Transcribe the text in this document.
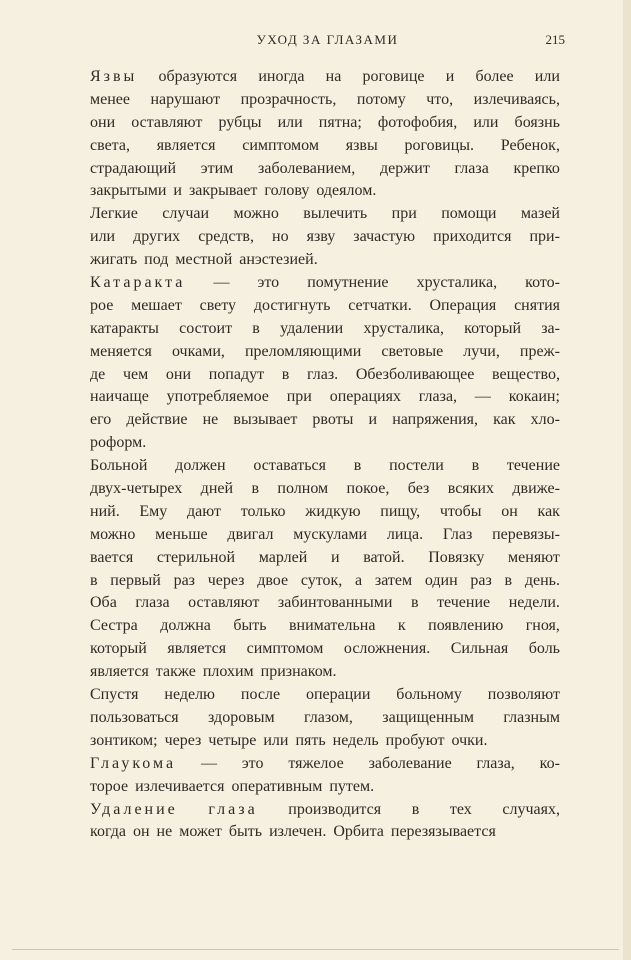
УХОД ЗА ГЛАЗАМИ	215
Язвы образуются иногда на роговице и более или
менее нарушают прозрачность, потому что, излечиваясь,
они оставляют рубцы или пятна; фотофобия, или боязнь
света, является симптомом язвы роговицы. Ребенок,
страдающий этим заболеванием, держит глаза крепко
закрытыми и закрывает голову одеялом.
Легкие случаи можно вылечить при помощи мазей
или других средств, но язву зачастую приходится при-
жигать под местной анэстезией.
Катаракта — это помутнение хрусталика, кото-
рое мешает свету достигнуть сетчатки. Операция снятия
катаракты состоит в удалении хрусталика, который за-
меняется очками, преломляющими световые лучи, преж-
де чем они попадут в глаз. Обезболивающее вещество,
наичаще употребляемое при операциях глаза, — кокаин;
его действие не вызывает рвоты и напряжения, как хло-
роформ.
Больной должен оставаться в постели в течение
двух-четырех дней в полном покое, без всяких движе-
ний. Ему дают только жидкую пищу, чтобы он как
можно меньше двигал мускулами лица. Глаз перевязы-
вается стерильной марлей и ватой. Повязку меняют
в первый раз через двое суток, а затем один раз в день.
Оба глаза оставляют забинтованными в течение недели.
Сестра должна быть внимательна к появлению гноя,
который является симптомом осложнения. Сильная боль
является также плохим признаком.
Спустя неделю после операции больному позволяют
пользоваться здоровым глазом, защищенным глазным
зонтиком; через четыре или пять недель пробуют очки.
Глаукома — это тяжелое заболевание глаза, ко-
торое излечивается оперативным путем.
Удаление глаза производится в тех случаях,
когда он не может быть излечен. Орбита перезязывается
